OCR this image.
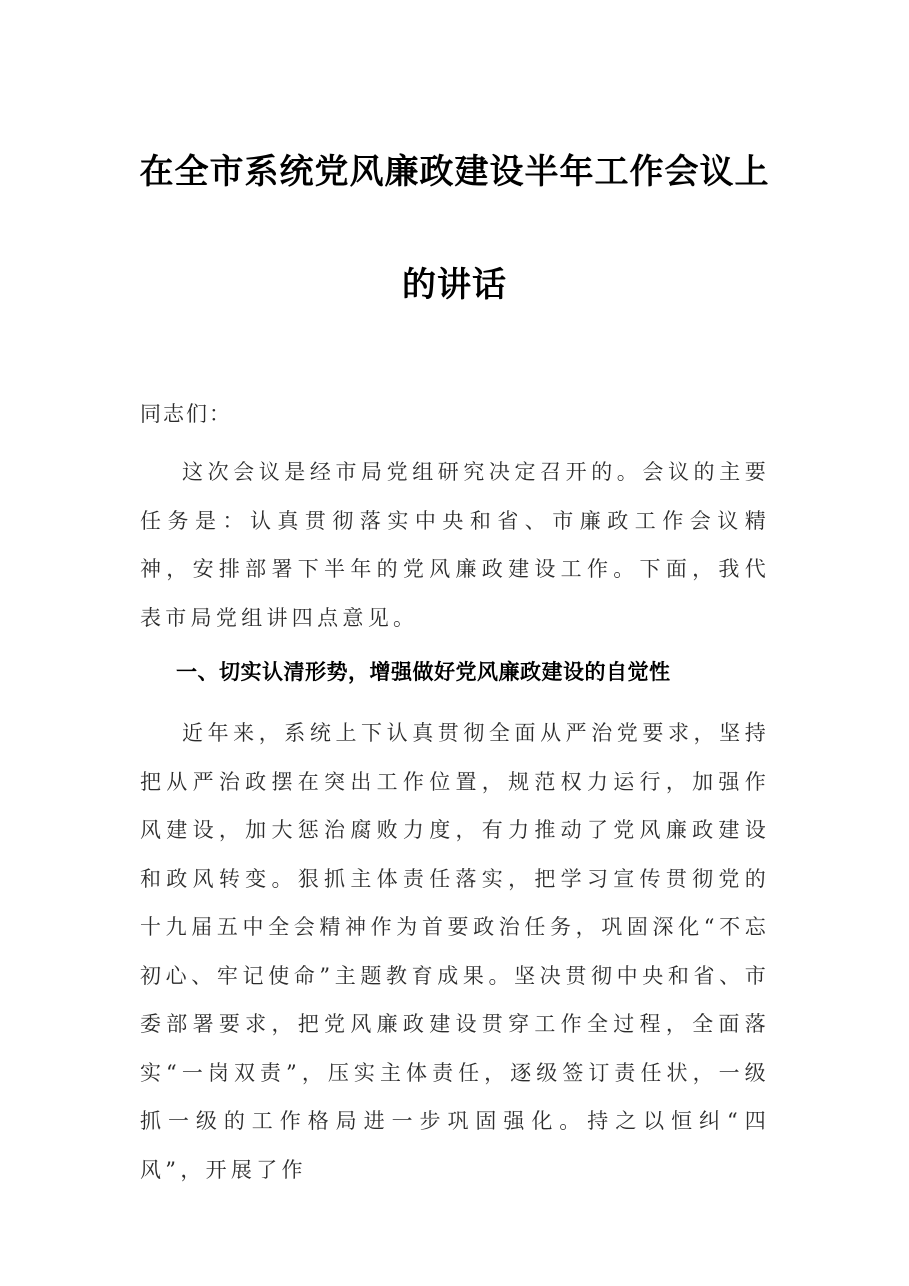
在全市系统党风廉政建设半年工作会议上
的讲话
同志们：

这次会议是经市局党组研究决定召开的。会议的主要任务是：认真贯彻落实中央和省、市廉政工作会议精神，安排部署下半年的党风廉政建设工作。下面，我代表市局党组讲四点意见。

一、切实认清形势，增强做好党风廉政建设的自觉性

近年来，系统上下认真贯彻全面从严治党要求，坚持把从严治政摆在突出工作位置，规范权力运行，加强作风建设，加大惩治腐败力度，有力推动了党风廉政建设和政风转变。狠抓主体责任落实，把学习宣传贯彻党的十九届五中全会精神作为首要政治任务，巩固深化“不忘初心、牢记使命”主题教育成果。坚决贯彻中央和省、市委部署要求，把党风廉政建设贯穿工作全过程，全面落实“一岗双责”，压实主体责任，逐级签订责任状，一级抓一级的工作格局进一步巩固强化。持之以恒纠“四风”，开展了作
